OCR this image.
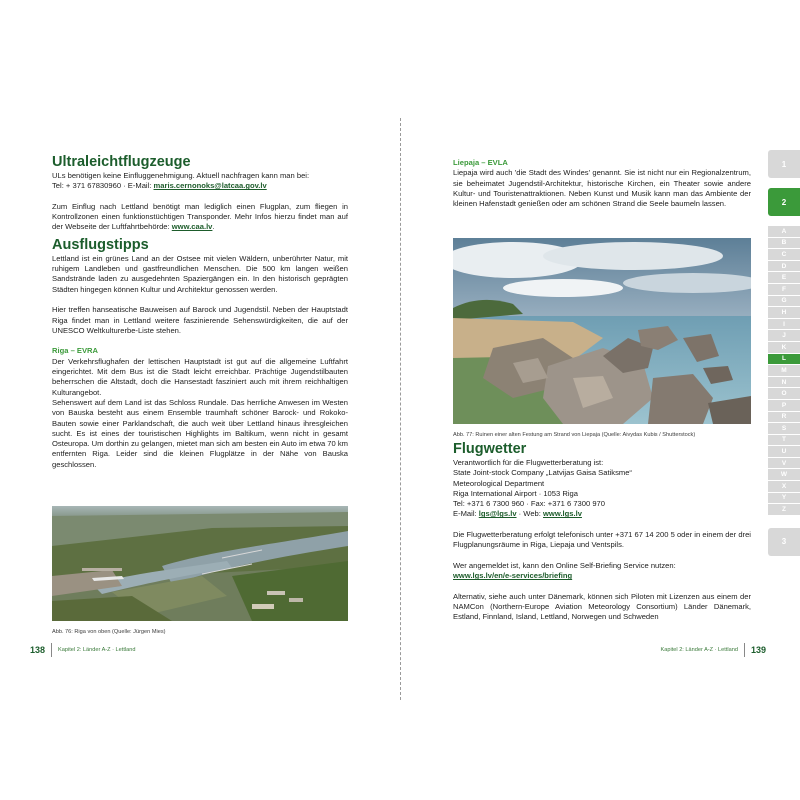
Ultraleichtflugzeuge
ULs benötigen keine Einfluggenehmigung. Aktuell nachfragen kann man bei:
Tel: + 371 67830960 · E-Mail: maris.cernonoks@latcaa.gov.lv
Zum Einflug nach Lettland benötigt man lediglich einen Flugplan, zum fliegen in Kontrollzonen einen funktionstüchtigen Transponder. Mehr Infos hierzu findet man auf der Webseite der Luftfahrtbehörde: www.caa.lv.
Ausflugstipps
Lettland ist ein grünes Land an der Ostsee mit vielen Wäldern, unberührter Natur, mit ruhigem Landleben und gastfreundlichen Menschen. Die 500 km langen weißen Sandstrände laden zu ausgedehnten Spaziergängen ein. In den historisch geprägten Städten hingegen können Kultur und Architektur genossen werden.
Hier treffen hanseatische Bauweisen auf Barock und Jugendstil. Neben der Hauptstadt Riga findet man in Lettland weitere faszinierende Sehenswürdigkeiten, die auf der UNESCO Weltkulturerbe-Liste stehen.
Riga – EVRA
Der Verkehrsflughafen der lettischen Hauptstadt ist gut auf die allgemeine Luftfahrt eingerichtet. Mit dem Bus ist die Stadt leicht erreichbar. Prächtige Jugendstilbauten beherrschen die Altstadt, doch die Hansestadt fasziniert auch mit ihrem reichhaltigen Kulturangebot.
Sehenswert auf dem Land ist das Schloss Rundale. Das herrliche Anwesen im Westen von Bauska besteht aus einem Ensemble traumhaft schöner Barock- und Rokoko-Bauten sowie einer Parklandschaft, die auch weit über Lettland hinaus ihresgleichen sucht. Es ist eines der touristischen Highlights im Baltikum, wenn nicht in gesamt Osteuropa. Um dorthin zu gelangen, mietet man sich am besten ein Auto im etwa 70 km entfernten Riga. Leider sind die kleinen Flugplätze in der Nähe von Bauska geschlossen.
Abb. 76: Riga von oben (Quelle: Jürgen Mies)
138 Kapitel 2: Länder A-Z · Lettland
Liepaja – EVLA
Liepaja wird auch 'die Stadt des Windes' genannt. Sie ist nicht nur ein Regionalzentrum, sie beheimatet Jugendstil-Architektur, historische Kirchen, ein Theater sowie andere Kultur- und Touristenattraktionen. Neben Kunst und Musik kann man das Ambiente der kleinen Hafenstadt genießen oder am schönen Strand die Seele baumeln lassen.
Abb. 77: Ruinen einer alten Festung am Strand von Liepaja (Quelle: Aivydas Kubis / Shutterstock)
Flugwetter
Verantwortlich für die Flugwetterberatung ist:
State Joint-stock Company „Latvijas Gaisa Satiksme“
Meteorological Department
Riga International Airport · 1053 Riga
Tel: +371 6 7300 960 · Fax: +371 6 7300 970
E-Mail: lgs@lgs.lv · Web: www.lgs.lv
Die Flugwetterberatung erfolgt telefonisch unter +371 67 14 200 5 oder in einem der drei Flugplanungsräume in Riga, Liepaja und Ventspils.
Wer angemeldet ist, kann den Online Self-Briefing Service nutzen:
www.lgs.lv/en/e-services/briefing
Alternativ, siehe auch unter Dänemark, können sich Piloten mit Lizenzen aus einem der NAMCon (Northern-Europe Aviation Meteorology Consortium) Länder Dänemark, Estland, Finnland, Island, Lettland, Norwegen und Schweden
Kapitel 2: Länder A-Z · Lettland 139
1
2
A
B
C
D
E
F
G
H
I
J
K
L
M
N
O
P
R
S
T
U
V
W
X
Y
Z
3
